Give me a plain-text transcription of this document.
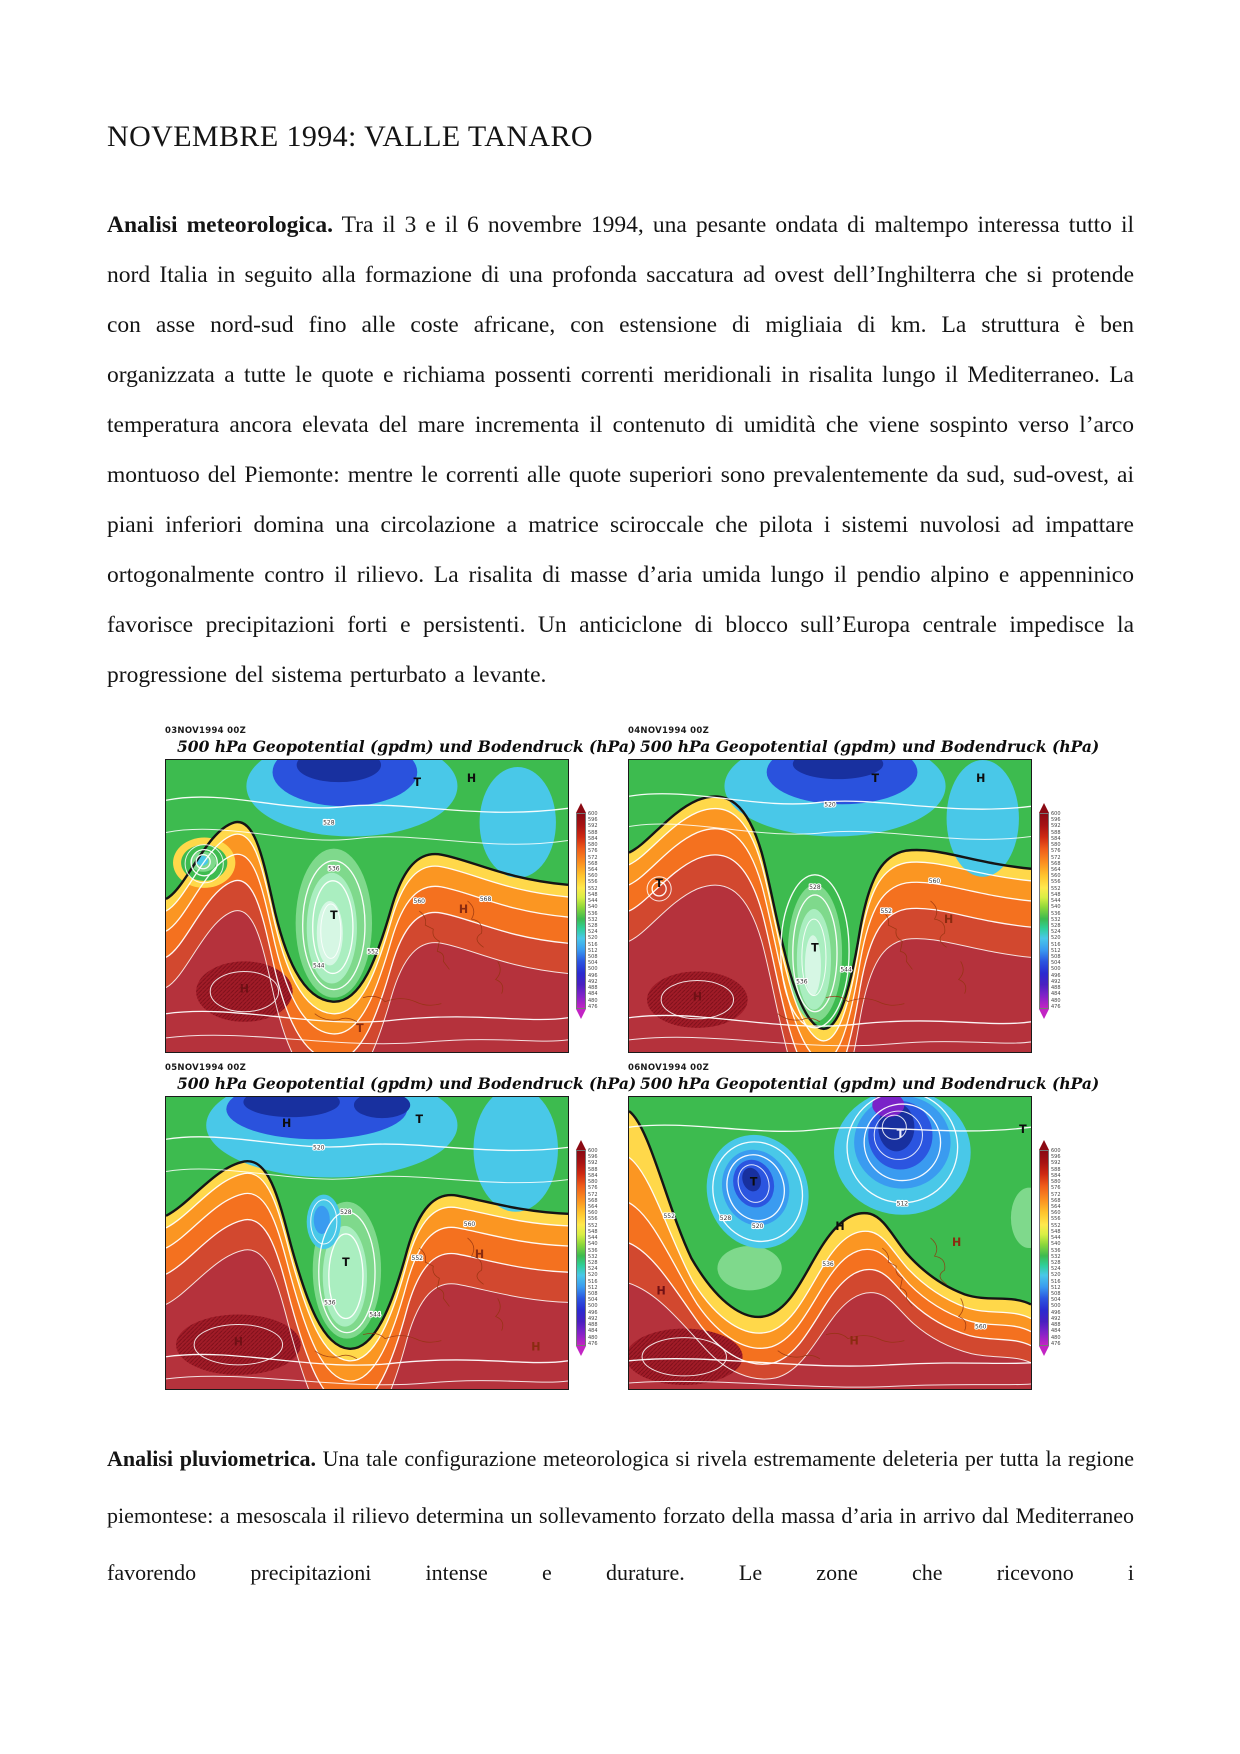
NOVEMBRE 1994: VALLE TANARO

Analisi meteorologica. Tra il 3 e il 6 novembre 1994, una pesante ondata di maltempo interessa tutto il nord Italia in seguito alla formazione di una profonda saccatura ad ovest dell’Inghilterra che si protende con asse nord-sud fino alle coste africane, con estensione di migliaia di km. La struttura è ben organizzata a tutte le quote e richiama possenti correnti meridionali in risalita lungo il Mediterraneo. La temperatura ancora elevata del mare incrementa il contenuto di umidità che viene sospinto verso l’arco montuoso del Piemonte: mentre le correnti alle quote superiori sono prevalentemente da sud, sud-ovest, ai piani inferiori domina una circolazione a matrice sciroccale che pilota i sistemi nuvolosi ad impattare ortogonalmente contro il rilievo. La risalita di masse d’aria umida lungo il pendio alpino e appenninico favorisce precipitazioni forti e persistenti. Un anticiclone di blocco sull’Europa centrale impedisce la progressione del sistema perturbato a levante.

03NOV1994 00Z
500 hPa Geopotential (gpdm) und Bodendruck (hPa)
528
536
544
552
560	568
T
T	H
H
H
T
600
596
592
588
584
580
576
572
568
564
560
556
552
548
544
540
536
532
528
524
520
516
512
508
504
500
496
492
488
484
480
476
04NOV1994 00Z
500 hPa Geopotential (gpdm) und Bodendruck (hPa)
520
528
536
544
552
560
T
T	H
H
H
T
600
596
592
588
584
580
576
572
568
564
560
556
552
548
544
540
536
532
528
524
520
516
512
508
504
500
496
492
488
484
480
476
05NOV1994 00Z
500 hPa Geopotential (gpdm) und Bodendruck (hPa)
520
528
536
544
552
560
T
T
H
H
H
H
600
596
592
588
584
580
576
572
568
564
560
556
552
548
544
540
536
532
528
524
520
516
512
508
504
500
496
492
488
484
480
476
06NOV1994 00Z
500 hPa Geopotential (gpdm) und Bodendruck (hPa)
512
520
528
536
552
560
T
T	T
H
H
H
H
600
596
592
588
584
580
576
572
568
564
560
556
552
548
544
540
536
532
528
524
520
516
512
508
504
500
496
492
488
484
480
476

Analisi pluviometrica. Una tale configurazione meteorologica si rivela estremamente deleteria per tutta la regione piemontese: a mesoscala il rilievo determina un sollevamento forzato della massa d’aria in arrivo dal Mediterraneo favorendo precipitazioni intense e durature. Le zone che ricevono i
